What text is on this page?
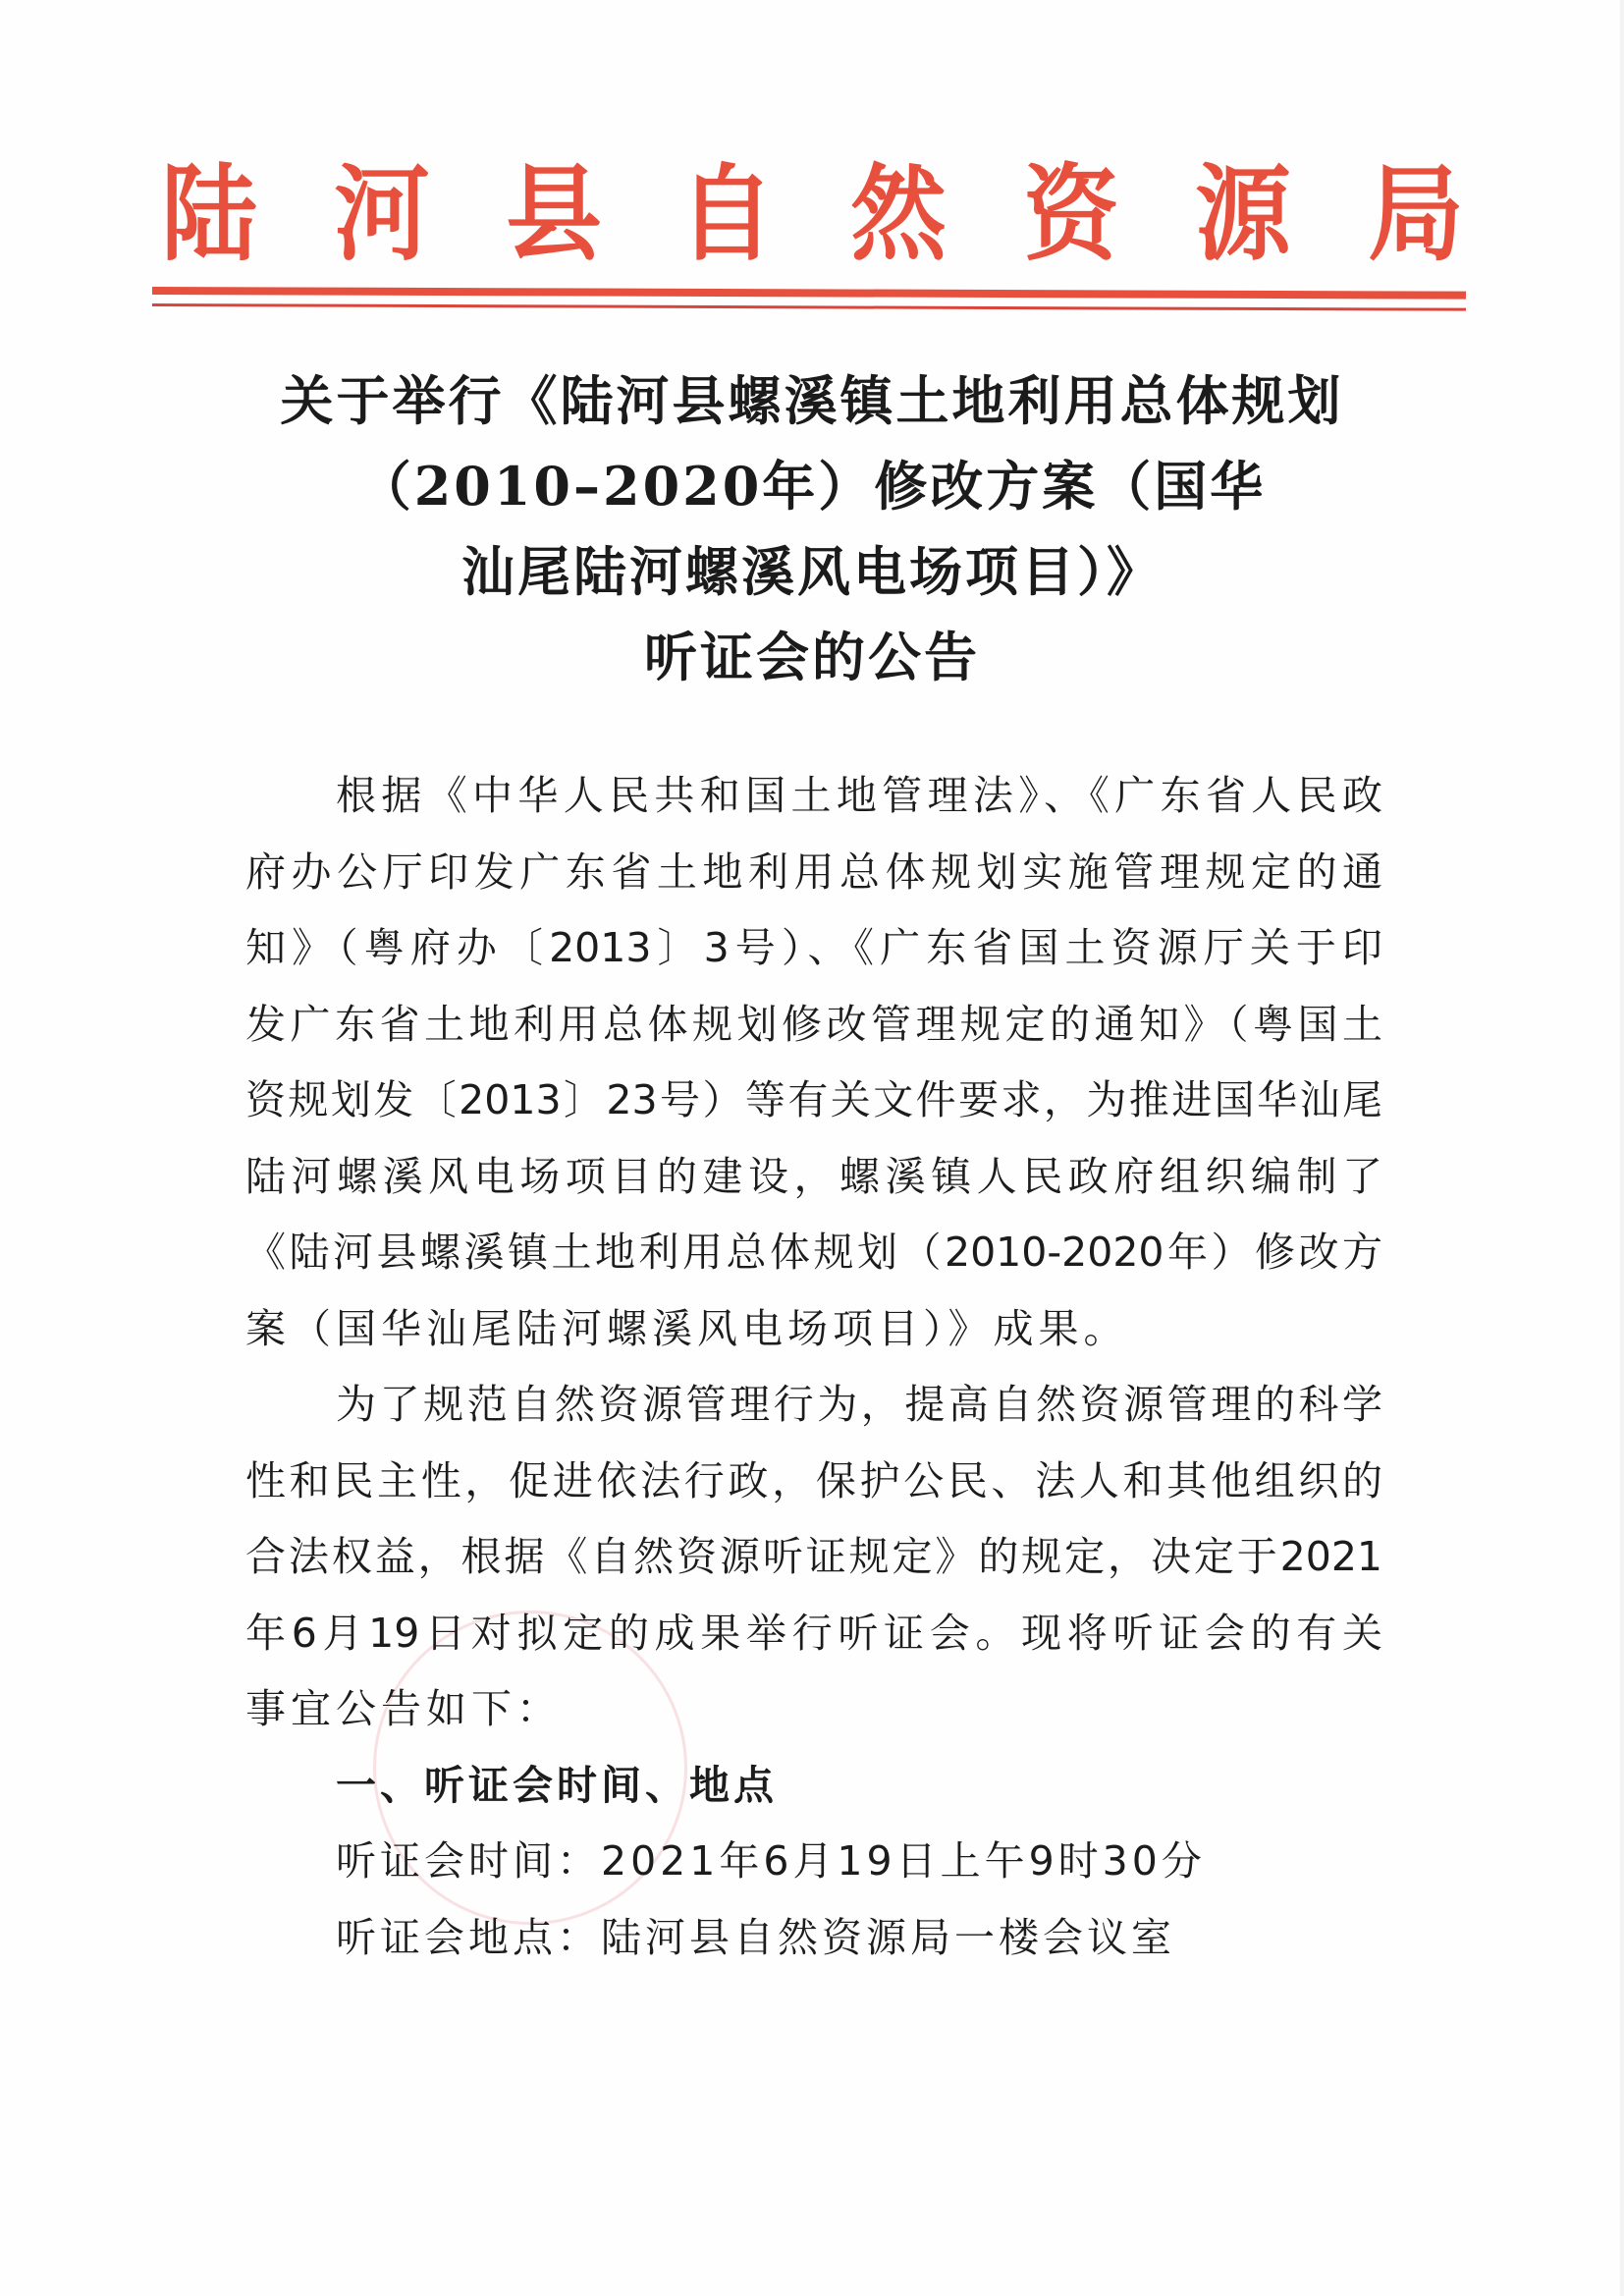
陆 河 县 自 然 资 源 局
关于举行《陆河县螺溪镇土地利用总体规划
（2010–2020年）修改方案（国华
汕尾陆河螺溪风电场项目）》
听证会的公告
根据《中华人民共和国土地管理法》、《广东省人民政
府办公厅印发广东省土地利用总体规划实施管理规定的通
知》（粤府办〔2013〕3号）、《广东省国土资源厅关于印
发广东省土地利用总体规划修改管理规定的通知》（粤国土
资规划发〔2013〕23号）等有关文件要求，为推进国华汕尾
陆河螺溪风电场项目的建设，螺溪镇人民政府组织编制了
《陆河县螺溪镇土地利用总体规划（2010-2020年）修改方
案（国华汕尾陆河螺溪风电场项目）》成果。
为了规范自然资源管理行为，提高自然资源管理的科学
性和民主性，促进依法行政，保护公民、法人和其他组织的
合法权益，根据《自然资源听证规定》的规定，决定于2021
年6月19日对拟定的成果举行听证会。现将听证会的有关
事宜公告如下：
一、听证会时间、地点
听证会时间：2021年6月19日上午9时30分
听证会地点：陆河县自然资源局一楼会议室
